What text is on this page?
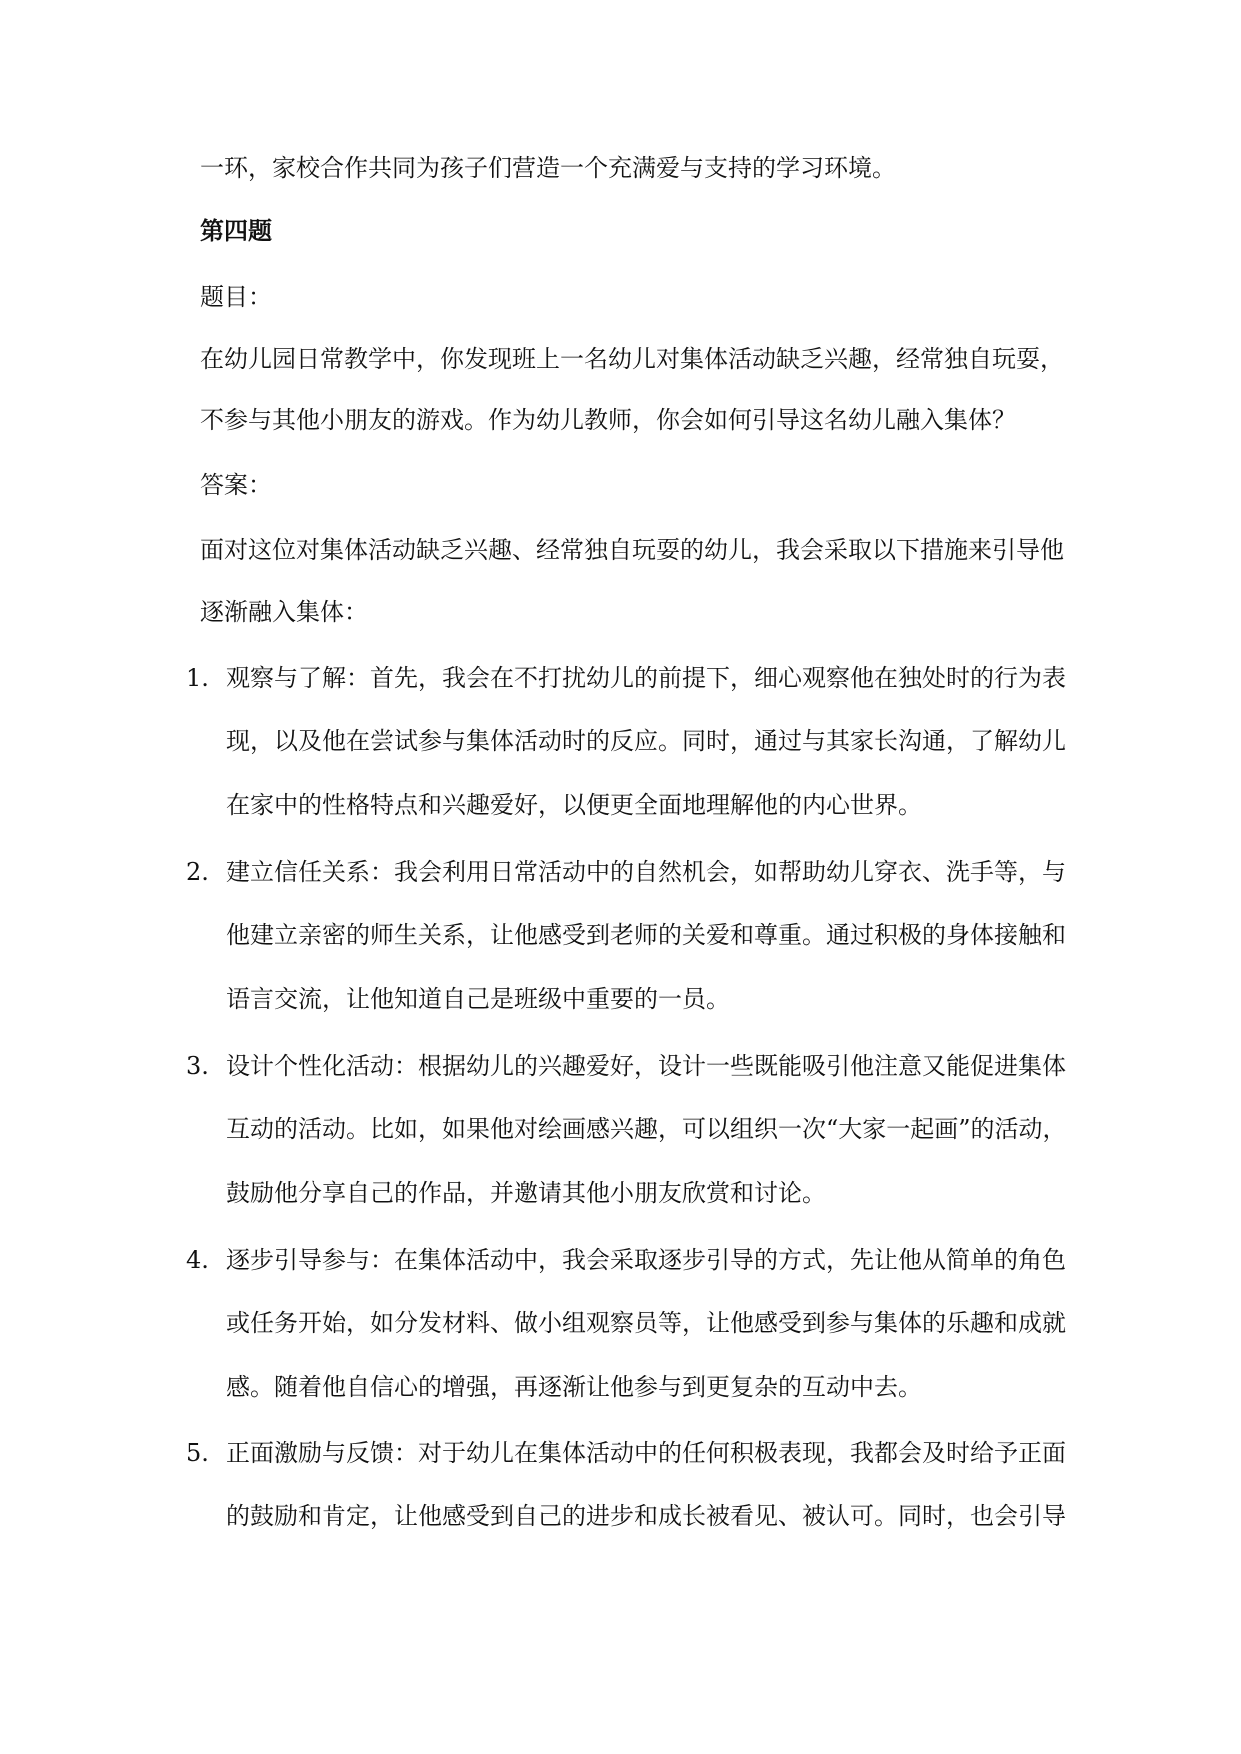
一环，家校合作共同为孩子们营造一个充满爱与支持的学习环境。
第四题
题目：
在幼儿园日常教学中，你发现班上一名幼儿对集体活动缺乏兴趣，经常独自玩耍，
不参与其他小朋友的游戏。作为幼儿教师，你会如何引导这名幼儿融入集体？
答案：
面对这位对集体活动缺乏兴趣、经常独自玩耍的幼儿，我会采取以下措施来引导他
逐渐融入集体：
1. 观察与了解：首先，我会在不打扰幼儿的前提下，细心观察他在独处时的行为表
现，以及他在尝试参与集体活动时的反应。同时，通过与其家长沟通，了解幼儿
在家中的性格特点和兴趣爱好，以便更全面地理解他的内心世界。
2. 建立信任关系：我会利用日常活动中的自然机会，如帮助幼儿穿衣、洗手等，与
他建立亲密的师生关系，让他感受到老师的关爱和尊重。通过积极的身体接触和
语言交流，让他知道自己是班级中重要的一员。
3. 设计个性化活动：根据幼儿的兴趣爱好，设计一些既能吸引他注意又能促进集体
互动的活动。比如，如果他对绘画感兴趣，可以组织一次“大家一起画”的活动，
鼓励他分享自己的作品，并邀请其他小朋友欣赏和讨论。
4. 逐步引导参与：在集体活动中，我会采取逐步引导的方式，先让他从简单的角色
或任务开始，如分发材料、做小组观察员等，让他感受到参与集体的乐趣和成就
感。随着他自信心的增强，再逐渐让他参与到更复杂的互动中去。
5. 正面激励与反馈：对于幼儿在集体活动中的任何积极表现，我都会及时给予正面
的鼓励和肯定，让他感受到自己的进步和成长被看见、被认可。同时，也会引导
